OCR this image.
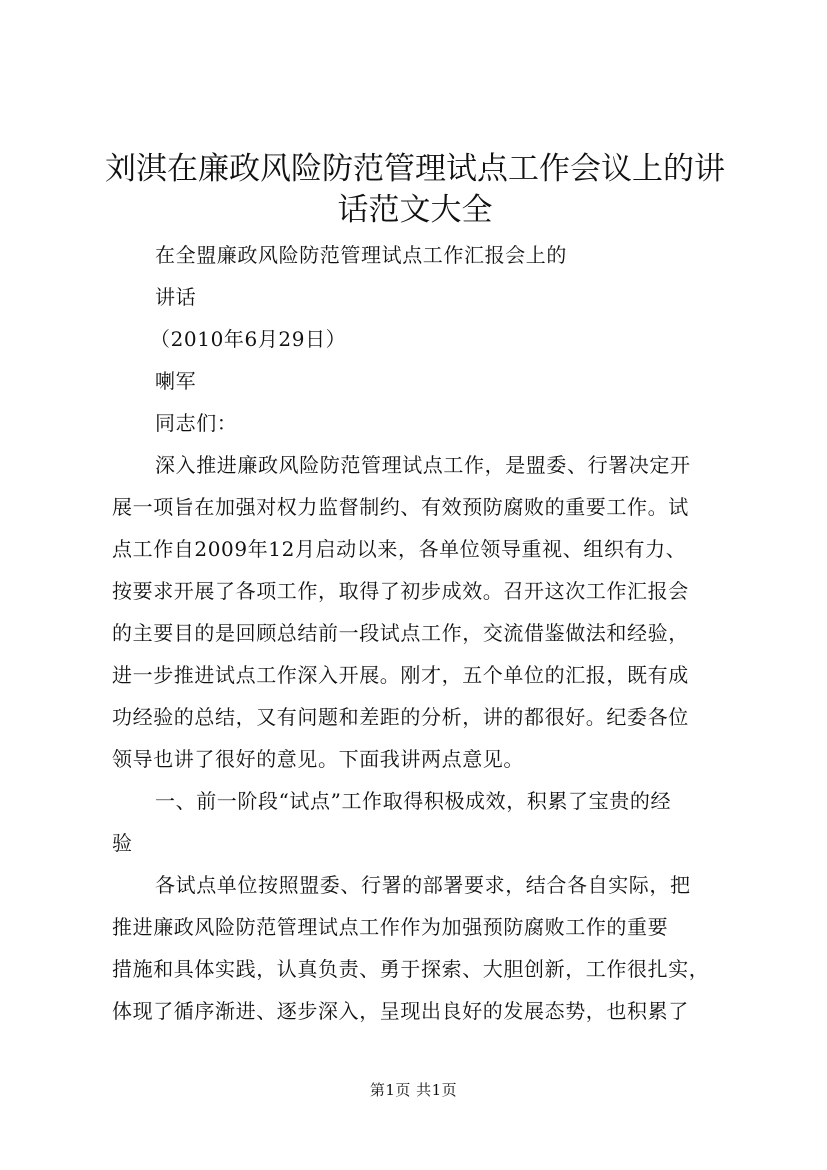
刘淇在廉政风险防范管理试点工作会议上的讲
话范文大全
在全盟廉政风险防范管理试点工作汇报会上的
讲话
（2010年6月29日）
喇军
同志们：
深入推进廉政风险防范管理试点工作，是盟委、行署决定开
展一项旨在加强对权力监督制约、有效预防腐败的重要工作。试
点工作自2009年12月启动以来，各单位领导重视、组织有力、
按要求开展了各项工作，取得了初步成效。召开这次工作汇报会
的主要目的是回顾总结前一段试点工作，交流借鉴做法和经验，
进一步推进试点工作深入开展。刚才，五个单位的汇报，既有成
功经验的总结，又有问题和差距的分析，讲的都很好。纪委各位
领导也讲了很好的意见。下面我讲两点意见。
一、前一阶段“试点”工作取得积极成效，积累了宝贵的经
验
各试点单位按照盟委、行署的部署要求，结合各自实际，把
推进廉政风险防范管理试点工作作为加强预防腐败工作的重要
措施和具体实践，认真负责、勇于探索、大胆创新，工作很扎实，
体现了循序渐进、逐步深入，呈现出良好的发展态势，也积累了
第1页 共1页
